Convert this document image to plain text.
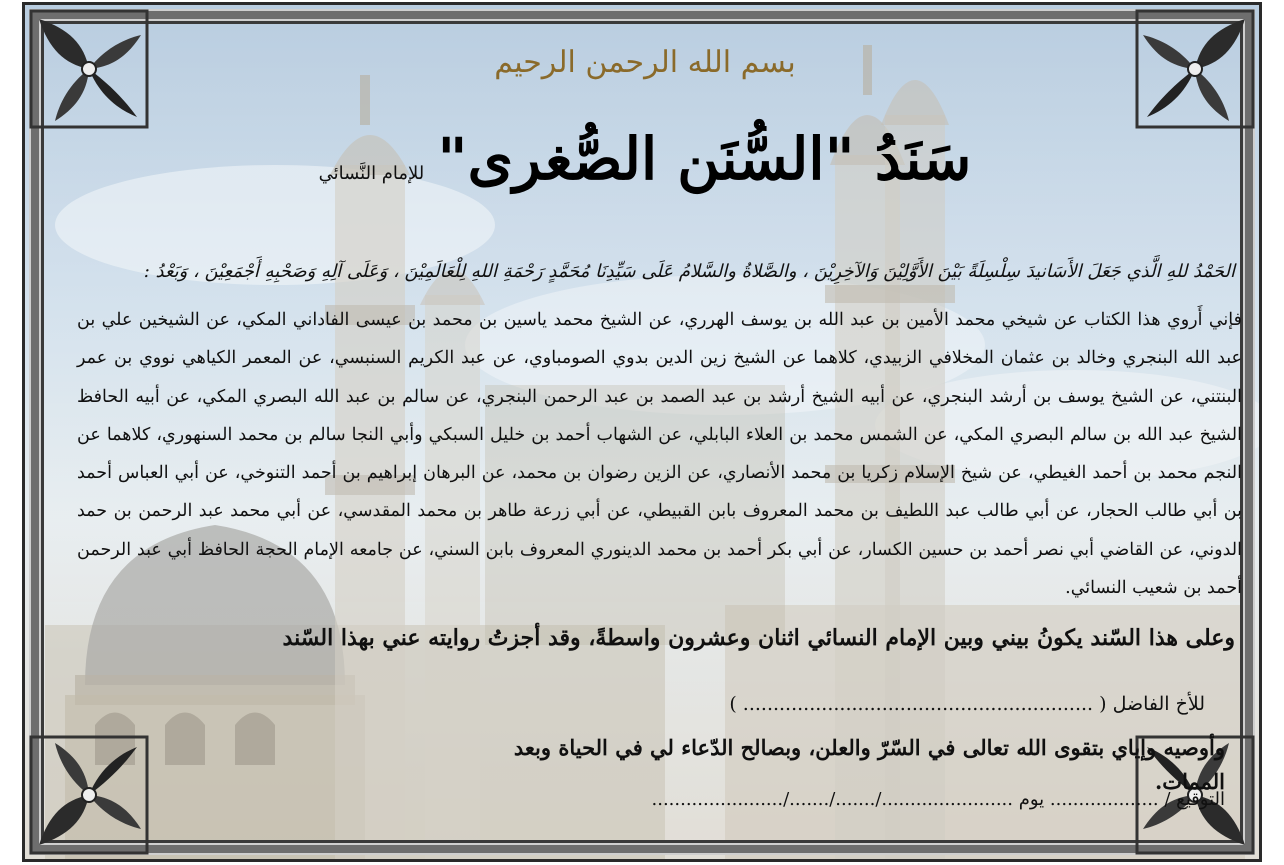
بسم الله الرحمن الرحيم
سَنَدُ "السُّنَن الصُّغرى" للإمام النَّسائي
الحَمْدُ للهِ الَّذي جَعَلَ الأَسَانيدَ سِلْسِلَةً بَيْنَ الأَوَّلِيْنَ وَالآخِرِيْنَ ، والصَّلاةُ والسَّلامُ عَلَى سَيِّدِنَا مُحَمَّدٍ رَحْمَةِ اللهِ لِلْعَالَمِيْنَ ، وَعَلَى آلِهِ وَصَحْبِهِ أَجْمَعِيْنَ ، وَبَعْدُ :
فإني أَروي هذا الكتاب عن شيخي محمد الأمين بن عبد الله بن يوسف الهرري، عن الشيخ محمد ياسين بن محمد بن عيسى الفاداني المكي، عن الشيخين علي بن عبد الله البنجري وخالد بن عثمان المخلافي الزبيدي، كلاهما عن الشيخ زين الدين بدوي الصومباوي، عن عبد الكريم السنبسي، عن المعمر الكياهي نووي بن عمر البنتني، عن الشيخ يوسف بن أرشد البنجري، عن أبيه الشيخ أرشد بن عبد الصمد بن عبد الرحمن البنجري، عن سالم بن عبد الله البصري المكي، عن أبيه الحافظ الشيخ عبد الله بن سالم البصري المكي، عن الشمس محمد بن العلاء البابلي، عن الشهاب أحمد بن خليل السبكي وأبي النجا سالم بن محمد السنهوري، كلاهما عن النجم محمد بن أحمد الغيطي، عن شيخ الإسلام زكريا بن محمد الأنصاري، عن الزين رضوان بن محمد، عن البرهان إبراهيم بن أحمد التنوخي، عن أبي العباس أحمد بن أبي طالب الحجار، عن أبي طالب عبد اللطيف بن محمد المعروف بابن القبيطي، عن أبي زرعة طاهر بن محمد المقدسي، عن أبي محمد عبد الرحمن بن حمد الدوني، عن القاضي أبي نصر أحمد بن حسين الكسار، عن أبي بكر أحمد بن محمد الدينوري المعروف بابن السني، عن جامعه الإمام الحجة الحافظ أبي عبد الرحمن أحمد بن شعيب النسائي.
وعلى هذا السّند يكونُ بيني وبين الإمام النسائي اثنان وعشرون واسطةً، وقد أجزتُ روايته عني بهذا السّند
للأخ الفاضل ( .......................................................... )
وأوصيه وإياي بتقوى الله تعالى في السّرّ والعلن، وبصالح الدّعاء لي في الحياة وبعد الممات.
التوقيع / ................... يوم ......................./......./......./.......................
